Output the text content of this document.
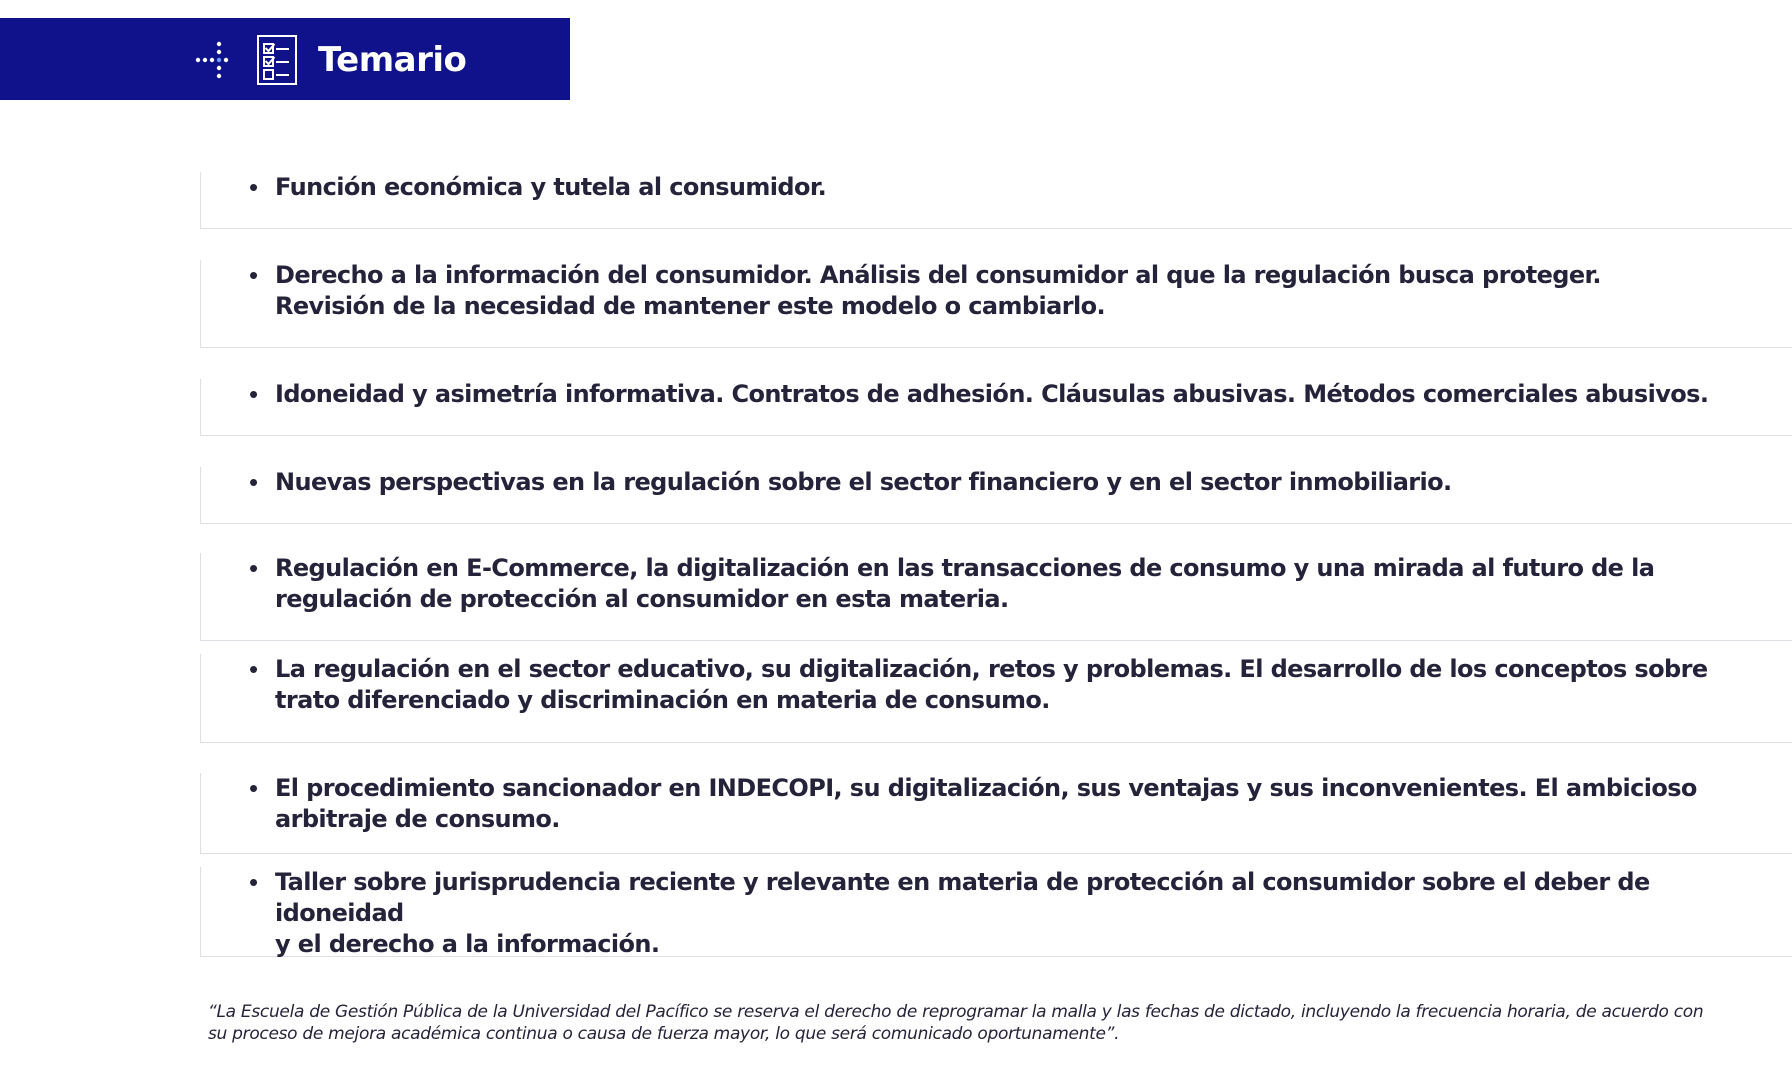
Temario
• Función económica y tutela al consumidor.
• Derecho a la información del consumidor. Análisis del consumidor al que la regulación busca proteger.
Revisión de la necesidad de mantener este modelo o cambiarlo.
• Idoneidad y asimetría informativa. Contratos de adhesión. Cláusulas abusivas. Métodos comerciales abusivos.
• Nuevas perspectivas en la regulación sobre el sector financiero y en el sector inmobiliario.
• Regulación en E-Commerce, la digitalización en las transacciones de consumo y una mirada al futuro de la
regulación de protección al consumidor en esta materia.
• La regulación en el sector educativo, su digitalización, retos y problemas. El desarrollo de los conceptos sobre
trato diferenciado y discriminación en materia de consumo.
• El procedimiento sancionador en INDECOPI, su digitalización, sus ventajas y sus inconvenientes. El ambicioso
arbitraje de consumo.
• Taller sobre jurisprudencia reciente y relevante en materia de protección al consumidor sobre el deber de idoneidad
y el derecho a la información.
“La Escuela de Gestión Pública de la Universidad del Pacífico se reserva el derecho de reprogramar la malla y las fechas de dictado, incluyendo la frecuencia horaria, de acuerdo con
su proceso de mejora académica continua o causa de fuerza mayor, lo que será comunicado oportunamente”.
